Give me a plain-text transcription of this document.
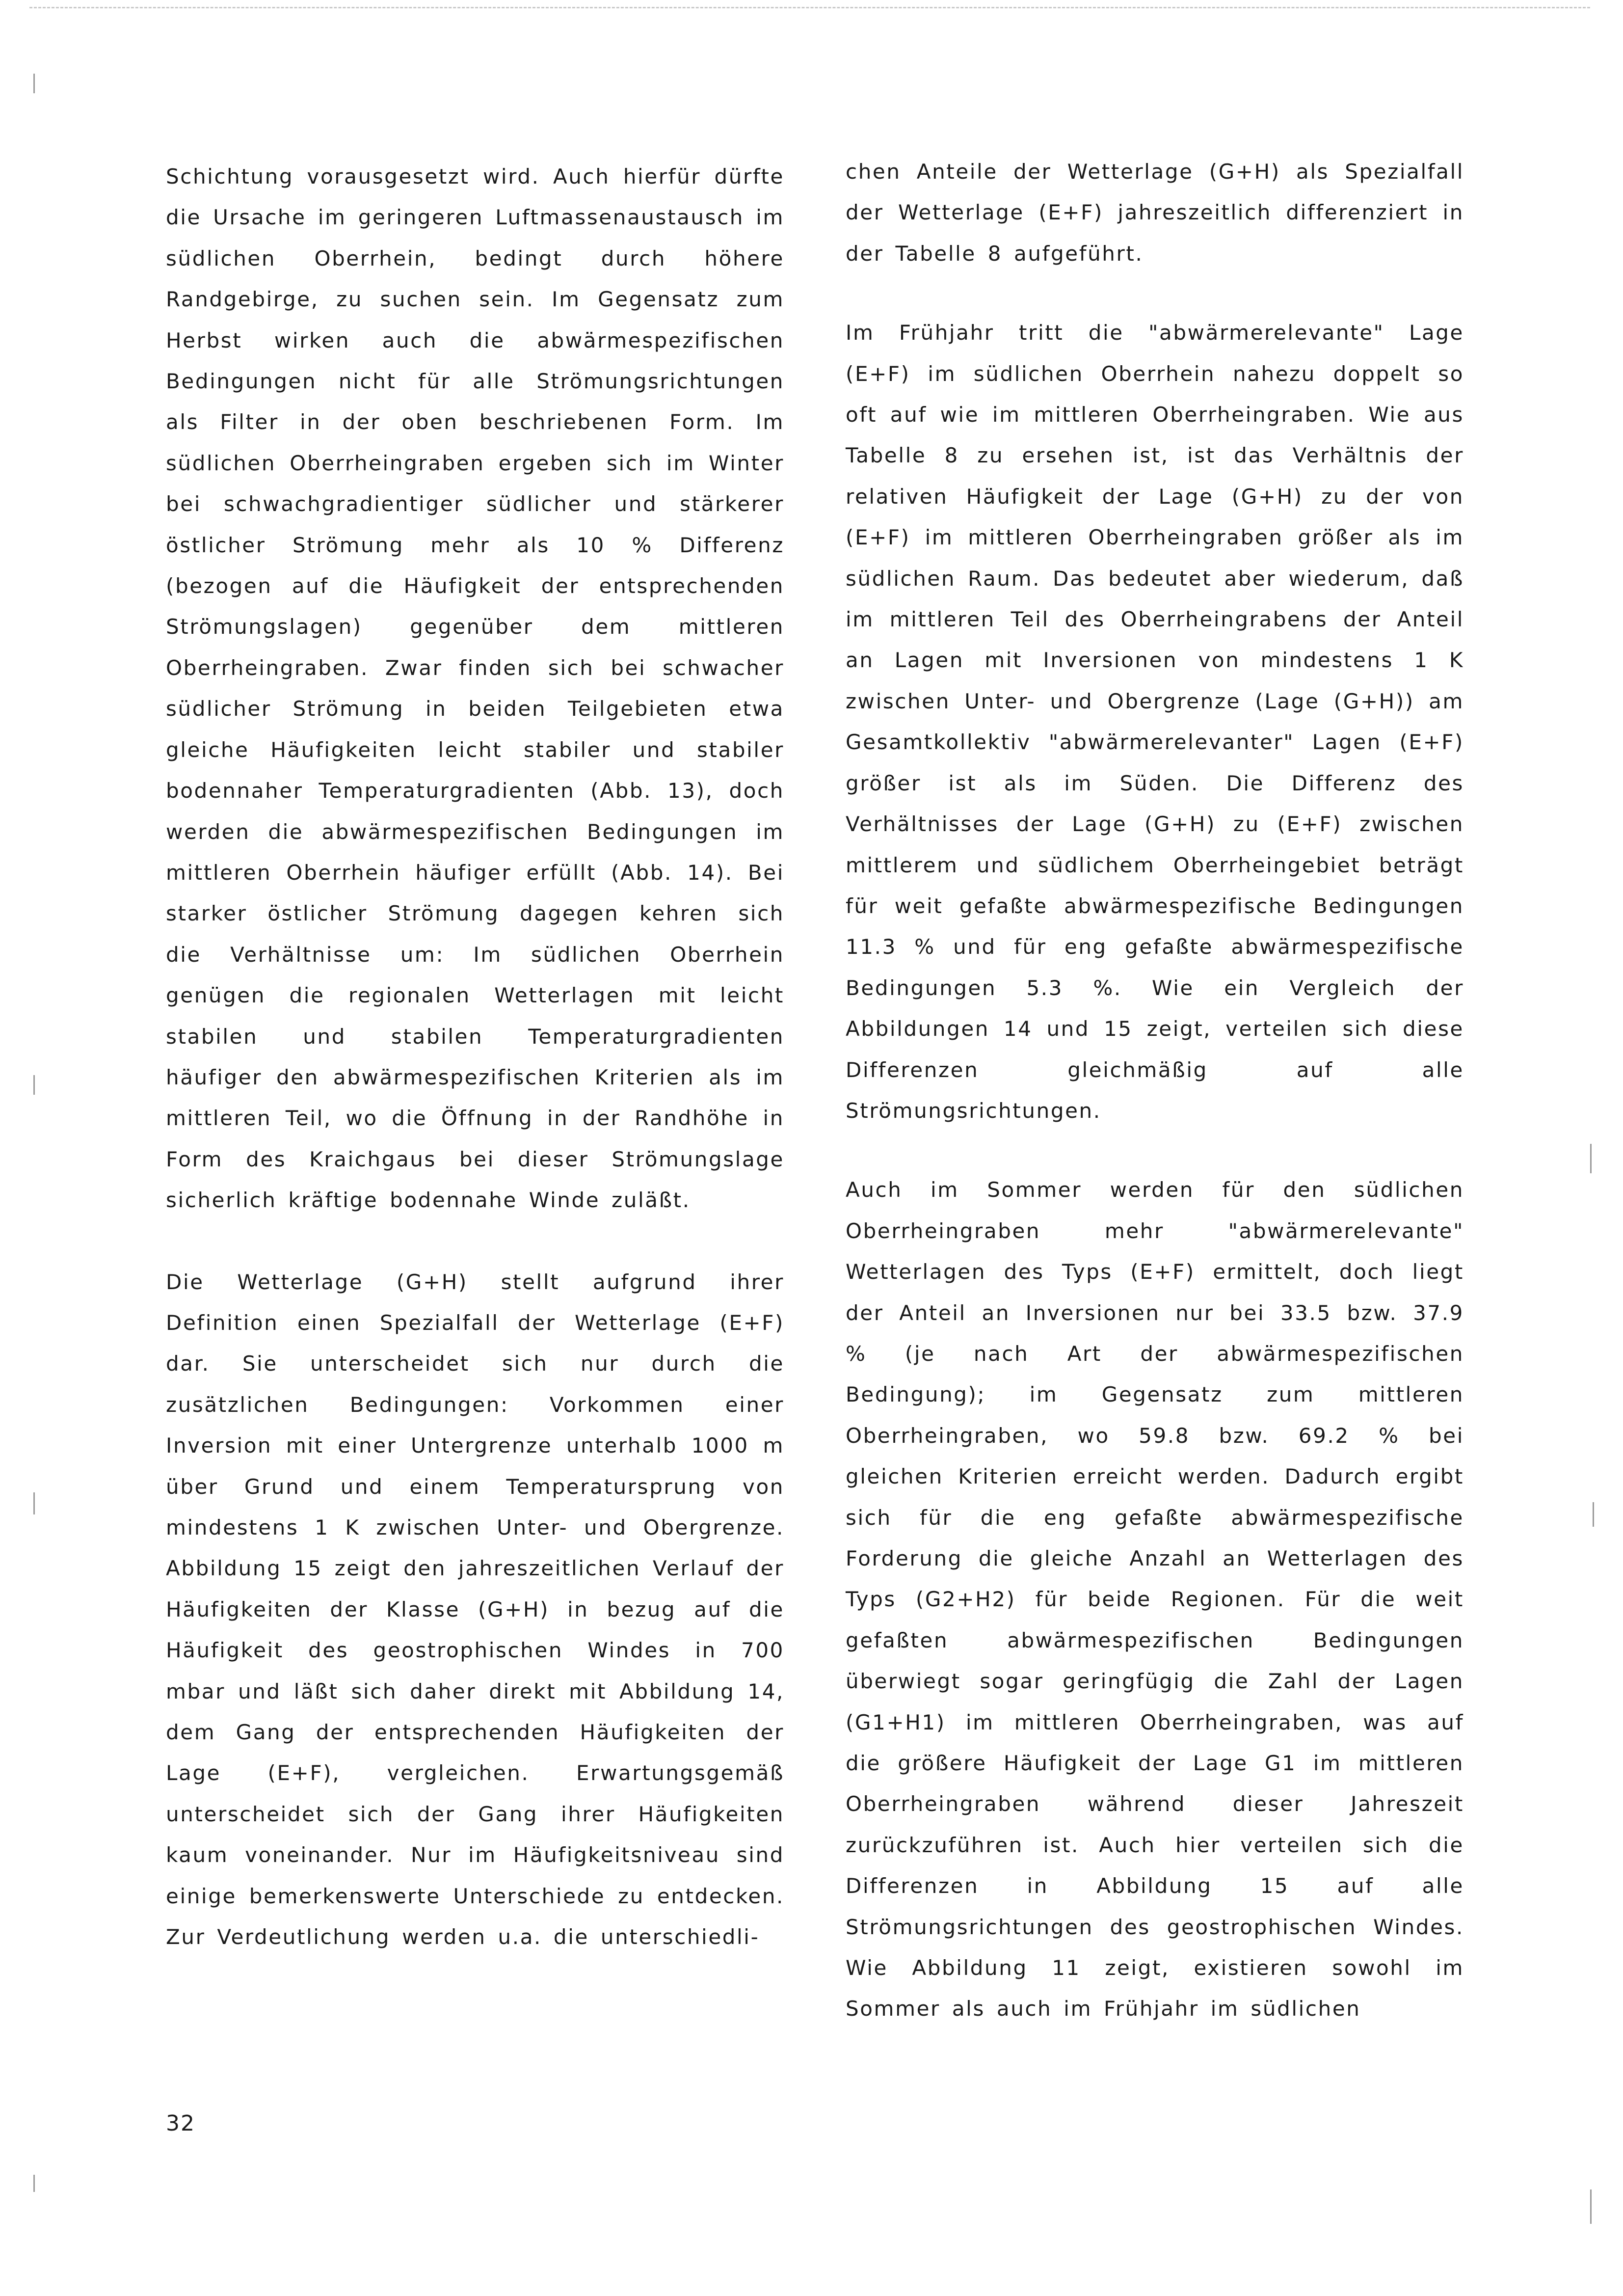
Schichtung vorausgesetzt wird. Auch hierfür dürfte die Ursache im geringeren Luftmassenaustausch im südlichen Oberrhein, bedingt durch höhere Randgebirge, zu suchen sein. Im Gegensatz zum Herbst wirken auch die abwärmespezifischen Bedingungen nicht für alle Strömungsrichtungen als Filter in der oben beschriebenen Form. Im südlichen Oberrheingraben ergeben sich im Winter bei schwachgradientiger südlicher und stärkerer östlicher Strömung mehr als 10 % Differenz (bezogen auf die Häufigkeit der entsprechenden Strömungslagen) gegenüber dem mittleren Oberrheingraben. Zwar finden sich bei schwacher südlicher Strömung in beiden Teilgebieten etwa gleiche Häufigkeiten leicht stabiler und stabiler bodennaher Temperaturgradienten (Abb. 13), doch werden die abwärmespezifischen Bedingungen im mittleren Oberrhein häufiger erfüllt (Abb. 14). Bei starker östlicher Strömung dagegen kehren sich die Verhältnisse um: Im südlichen Oberrhein genügen die regionalen Wetterlagen mit leicht stabilen und stabilen Temperaturgradienten häufiger den abwärmespezifischen Kriterien als im mittleren Teil, wo die Öffnung in der Randhöhe in Form des Kraichgaus bei dieser Strömungslage sicherlich kräftige bodennahe Winde zuläßt.

Die Wetterlage (G+H) stellt aufgrund ihrer Definition einen Spezialfall der Wetterlage (E+F) dar. Sie unterscheidet sich nur durch die zusätzlichen Bedingungen: Vorkommen einer Inversion mit einer Untergrenze unterhalb 1000 m über Grund und einem Temperatursprung von mindestens 1 K zwischen Unter- und Obergrenze. Abbildung 15 zeigt den jahreszeitlichen Verlauf der Häufigkeiten der Klasse (G+H) in bezug auf die Häufigkeit des geostrophischen Windes in 700 mbar und läßt sich daher direkt mit Abbildung 14, dem Gang der entsprechenden Häufigkeiten der Lage (E+F), vergleichen. Erwartungsgemäß unterscheidet sich der Gang ihrer Häufigkeiten kaum voneinander. Nur im Häufigkeitsniveau sind einige bemerkenswerte Unterschiede zu entdecken. Zur Verdeutlichung werden u.a. die unterschiedli-

chen Anteile der Wetterlage (G+H) als Spezialfall der Wetterlage (E+F) jahreszeitlich differenziert in der Tabelle 8 aufgeführt.

Im Frühjahr tritt die "abwärmerelevante" Lage (E+F) im südlichen Oberrhein nahezu doppelt so oft auf wie im mittleren Oberrheingraben. Wie aus Tabelle 8 zu ersehen ist, ist das Verhältnis der relativen Häufigkeit der Lage (G+H) zu der von (E+F) im mittleren Oberrheingraben größer als im südlichen Raum. Das bedeutet aber wiederum, daß im mittleren Teil des Oberrheingrabens der Anteil an Lagen mit Inversionen von mindestens 1 K zwischen Unter- und Obergrenze (Lage (G+H)) am Gesamtkollektiv "abwärmerelevanter" Lagen (E+F) größer ist als im Süden. Die Differenz des Verhältnisses der Lage (G+H) zu (E+F) zwischen mittlerem und südlichem Oberrheingebiet beträgt für weit gefaßte abwärmespezifische Bedingungen 11.3 % und für eng gefaßte abwärmespezifische Bedingungen 5.3 %. Wie ein Vergleich der Abbildungen 14 und 15 zeigt, verteilen sich diese Differenzen gleichmäßig auf alle Strömungsrichtungen.

Auch im Sommer werden für den südlichen Oberrheingraben mehr "abwärmerelevante" Wetterlagen des Typs (E+F) ermittelt, doch liegt der Anteil an Inversionen nur bei 33.5 bzw. 37.9 % (je nach Art der abwärmespezifischen Bedingung); im Gegensatz zum mittleren Oberrheingraben, wo 59.8 bzw. 69.2 % bei gleichen Kriterien erreicht werden. Dadurch ergibt sich für die eng gefaßte abwärmespezifische Forderung die gleiche Anzahl an Wetterlagen des Typs (G2+H2) für beide Regionen. Für die weit gefaßten abwärmespezifischen Bedingungen überwiegt sogar geringfügig die Zahl der Lagen (G1+H1) im mittleren Oberrheingraben, was auf die größere Häufigkeit der Lage G1 im mittleren Oberrheingraben während dieser Jahreszeit zurückzuführen ist. Auch hier verteilen sich die Differenzen in Abbildung 15 auf alle Strömungsrichtungen des geostrophischen Windes. Wie Abbildung 11 zeigt, existieren sowohl im Sommer als auch im Frühjahr im südlichen

32
